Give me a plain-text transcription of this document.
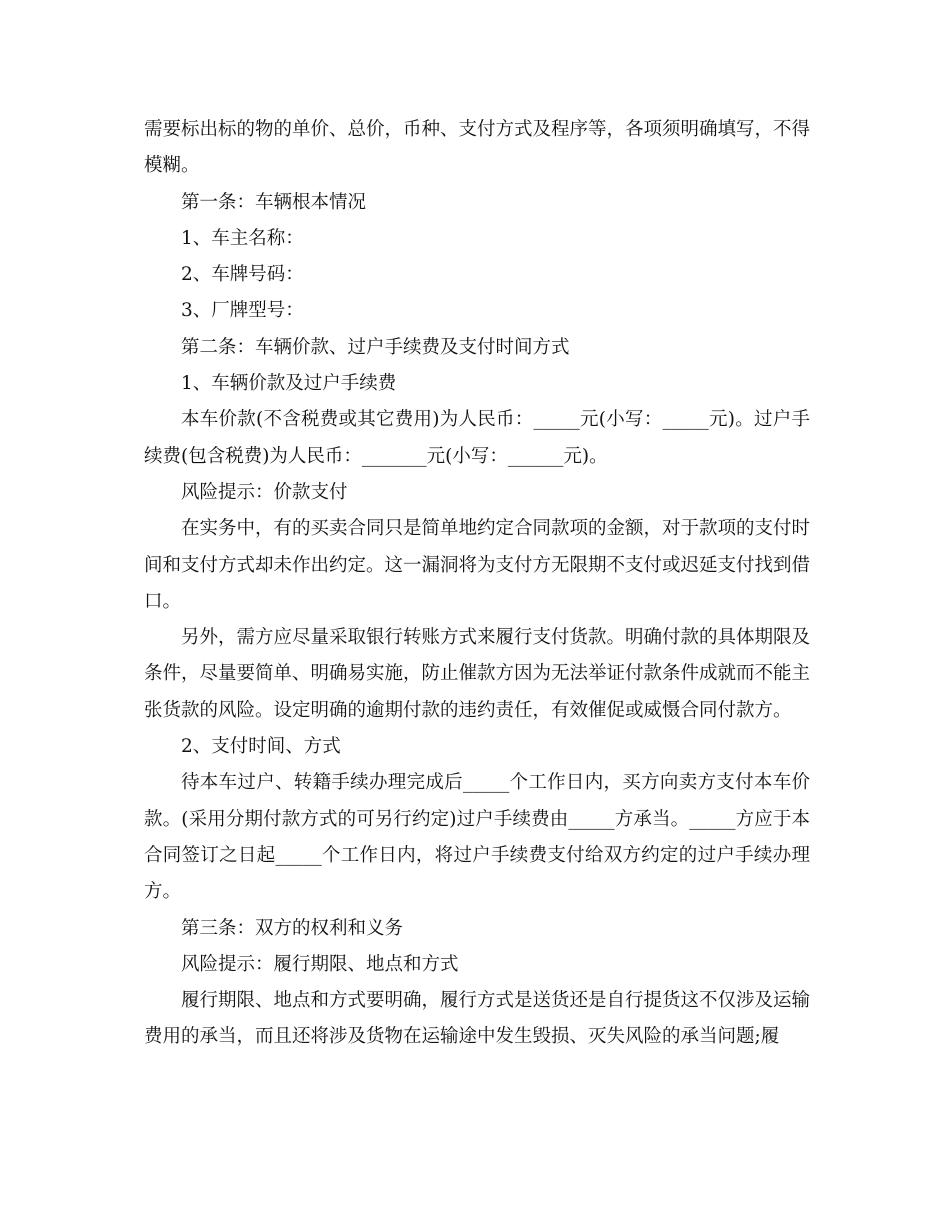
需要标出标的物的单价、总价，币种、支付方式及程序等，各项须明确填写，不得模糊。

第一条：车辆根本情况

1、车主名称：

2、车牌号码：

3、厂牌型号：

第二条：车辆价款、过户手续费及支付时间方式

1、车辆价款及过户手续费

本车价款(不含税费或其它费用)为人民币：_____元(小写：_____元)。过户手续费(包含税费)为人民币：_______元(小写：______元)。

风险提示：价款支付

在实务中，有的买卖合同只是简单地约定合同款项的金额，对于款项的支付时间和支付方式却未作出约定。这一漏洞将为支付方无限期不支付或迟延支付找到借口。

另外，需方应尽量采取银行转账方式来履行支付货款。明确付款的具体期限及条件，尽量要简单、明确易实施，防止催款方因为无法举证付款条件成就而不能主张货款的风险。设定明确的逾期付款的违约责任，有效催促或威慑合同付款方。

2、支付时间、方式

待本车过户、转籍手续办理完成后_____个工作日内，买方向卖方支付本车价款。(采用分期付款方式的可另行约定)过户手续费由_____方承当。_____方应于本合同签订之日起_____个工作日内，将过户手续费支付给双方约定的过户手续办理方。

第三条：双方的权利和义务

风险提示：履行期限、地点和方式

履行期限、地点和方式要明确，履行方式是送货还是自行提货这不仅涉及运输费用的承当，而且还将涉及货物在运输途中发生毁损、灭失风险的承当问题;履
